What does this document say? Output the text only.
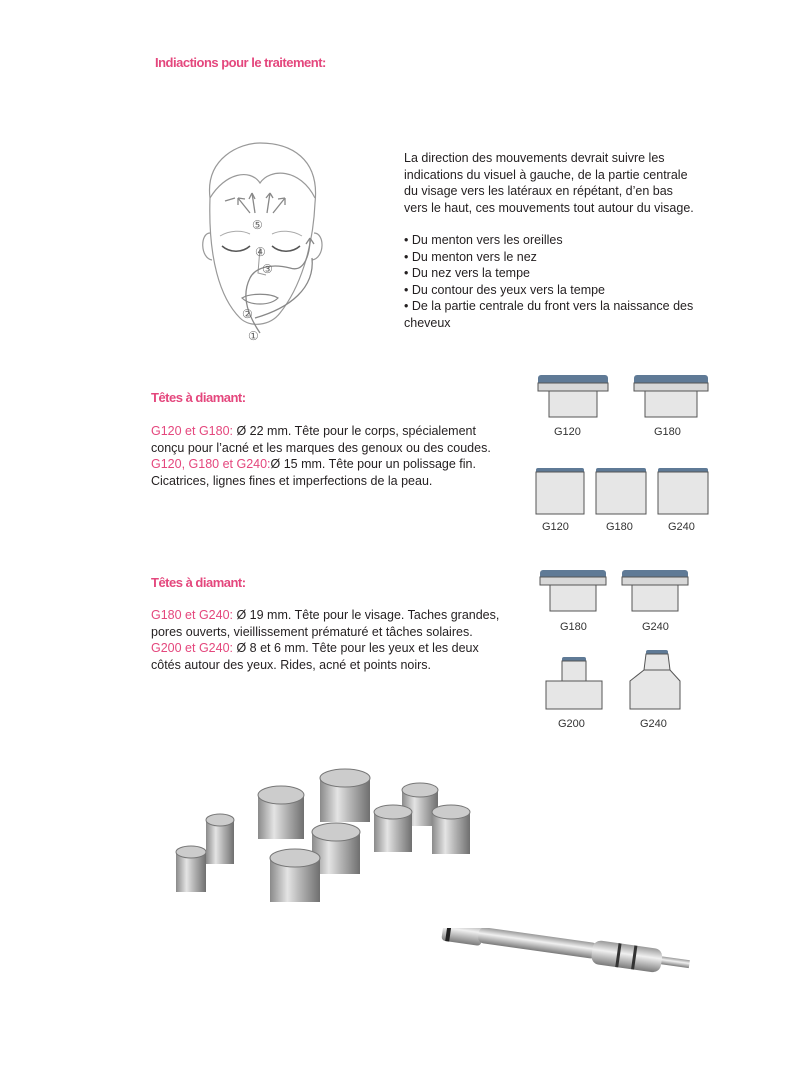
Indiactions pour le traitement:
⑤
④
③
②
①
La direction des mouvements devrait suivre les indications du visuel à gauche, de la partie centrale du visage vers les latéraux en répétant, d’en bas vers le haut, ces mouvements tout autour du visage.
• Du menton vers les oreilles
• Du menton vers le nez
• Du nez vers la tempe
• Du contour des yeux vers la tempe
• De la partie centrale du front vers la naissance des cheveux
Têtes à diamant:
G120 et G180: Ø 22 mm. Tête pour le corps, spécialement conçu pour l’acné et les marques des genoux ou des coudes.
G120, G180 et G240:Ø 15 mm. Tête pour un polissage fin. Cicatrices, lignes fines et imperfections de la peau.
G120	G180
G120	G180	G240
Têtes à diamant:
G180 et G240: Ø 19 mm. Tête pour le visage. Taches grandes, pores ouverts, vieillissement prématuré et tâches solaires.
G200 et G240: Ø 8 et 6 mm. Tête pour les yeux et les deux côtés autour des yeux. Rides, acné et points noirs.
G180	G240
G200	G240
